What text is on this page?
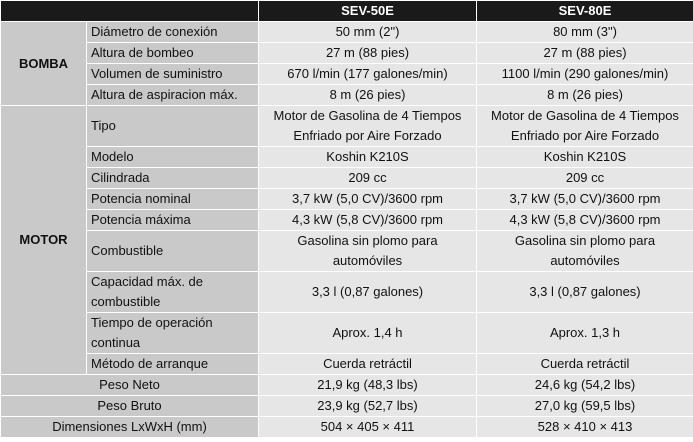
		SEV-50E	SEV-80E
BOMBA	Diámetro de conexión	50 mm (2")	80 mm (3")
	Altura de bombeo	27 m (88 pies)	27 m (88 pies)
	Volumen de suministro	670 l/min (177 galones/min)	1100 l/min (290 galones/min)
	Altura de aspiracion máx.	8 m (26 pies)	8 m (26 pies)
MOTOR	Tipo	Motor de Gasolina de 4 Tiempos Enfriado por Aire Forzado	Motor de Gasolina de 4 Tiempos Enfriado por Aire Forzado
	Modelo	Koshin K210S	Koshin K210S
	Cilindrada	209 cc	209 cc
	Potencia nominal	3,7 kW (5,0 CV)/3600 rpm	3,7 kW (5,0 CV)/3600 rpm
	Potencia máxima	4,3 kW (5,8 CV)/3600 rpm	4,3 kW (5,8 CV)/3600 rpm
	Combustible	Gasolina sin plomo para automóviles	Gasolina sin plomo para automóviles
	Capacidad máx. de combustible	3,3 l (0,87 galones)	3,3 l (0,87 galones)
	Tiempo de operación continua	Aprox. 1,4 h	Aprox. 1,3 h
	Método de arranque	Cuerda retráctil	Cuerda retráctil
Peso Neto		21,9 kg (48,3 lbs)	24,6 kg (54,2 lbs)
Peso Bruto		23,9 kg (52,7 lbs)	27,0 kg (59,5 lbs)
Dimensiones LxWxH (mm)		504 × 405 × 411	528 × 410 × 413
